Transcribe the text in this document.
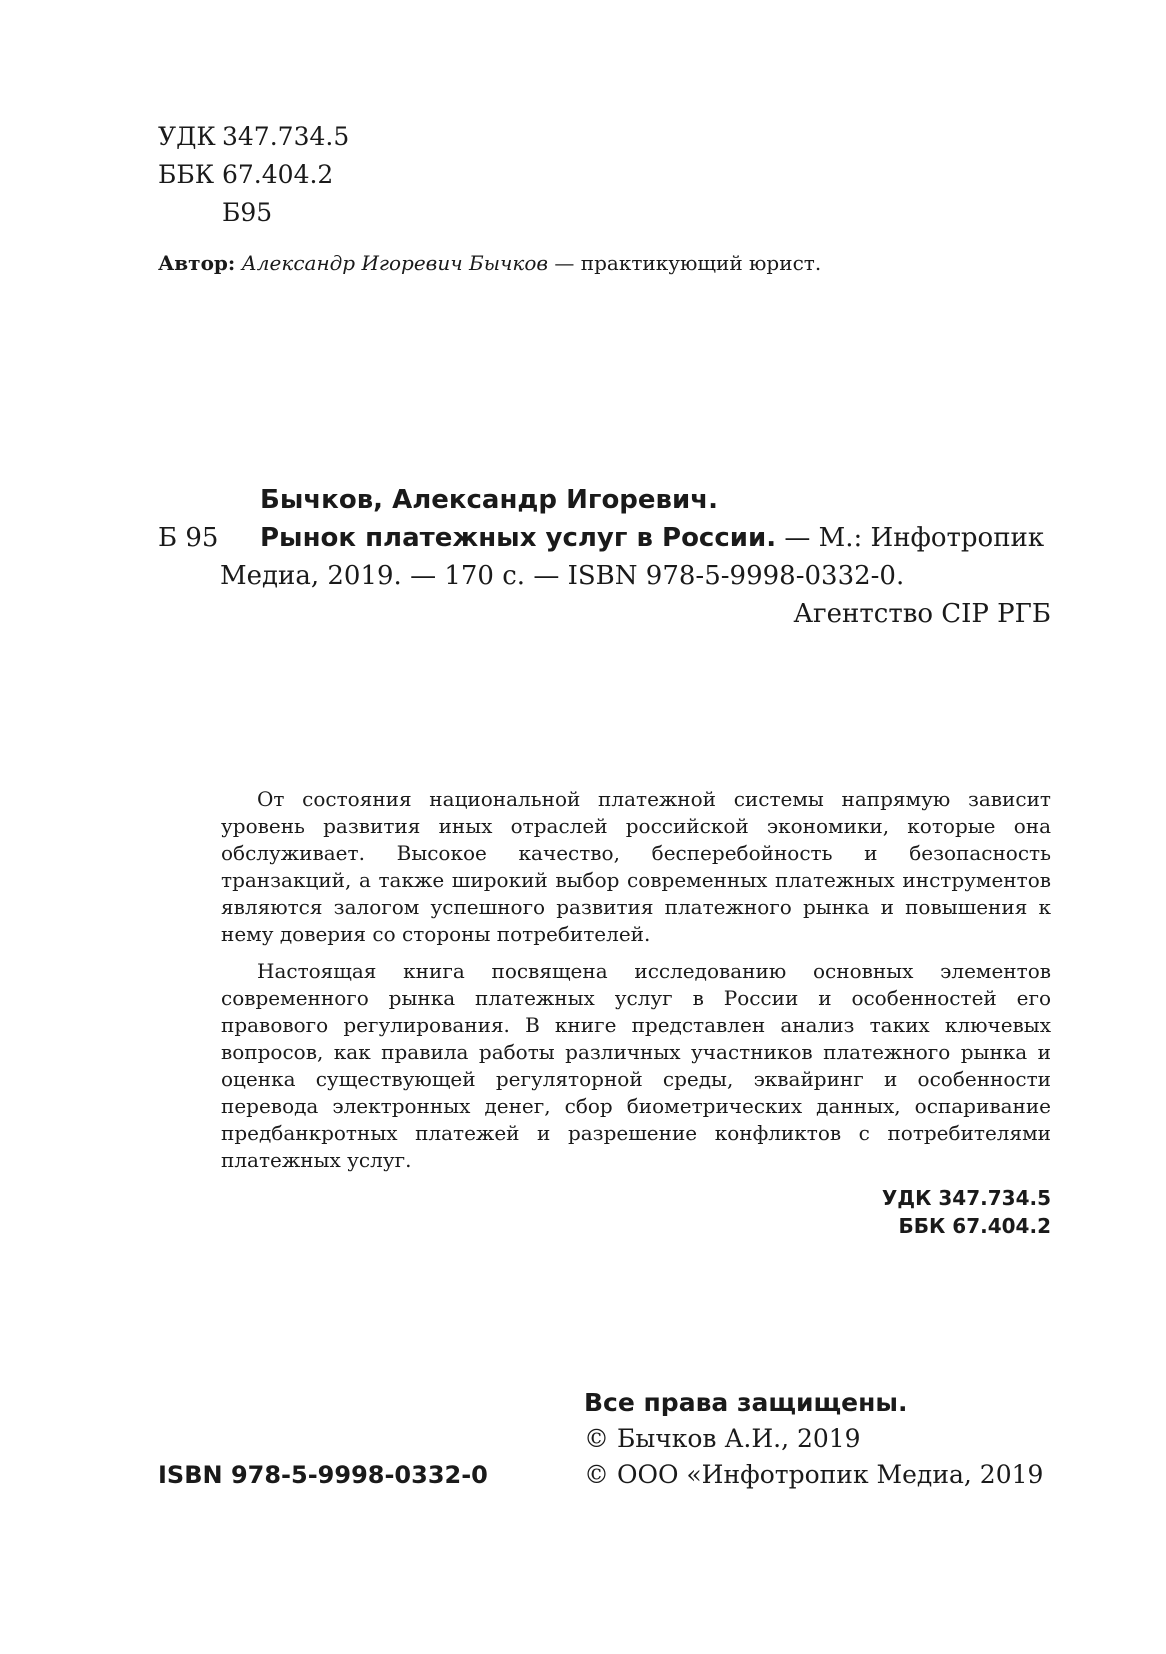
УДК 347.734.5
ББК 67.404.2
Б95
Автор: Александр Игоревич Бычков — практикующий юрист.
Бычков, Александр Игоревич.
Б 95	Рынок платежных услуг в России. — М.: Инфотропик
Медиа, 2019. — 170 с. — ISBN 978-5-9998-0332-0.
Агентство CIP РГБ

От состояния национальной платежной системы напрямую зависит уровень развития иных отраслей российской экономики, которые она обслуживает. Высокое качество, бесперебойность и безопасность транзакций, а также широкий выбор современных платежных инструментов являются залогом успешного развития платежного рынка и повышения к нему доверия со стороны потребителей.

Настоящая книга посвящена исследованию основных элементов современного рынка платежных услуг в России и особенностей его правового регулирования. В книге представлен анализ таких ключевых вопросов, как правила работы различных участников платежного рынка и оценка существующей регуляторной среды, эквайринг и особенности перевода электронных денег, сбор биометрических данных, оспаривание предбанкротных платежей и разрешение конфликтов с потребителями платежных услуг.

УДК 347.734.5
ББК 67.404.2
ISBN 978-5-9998-0332-0
Все права защищены.
© Бычков А.И., 2019
© ООО «Инфотропик Медиа, 2019
